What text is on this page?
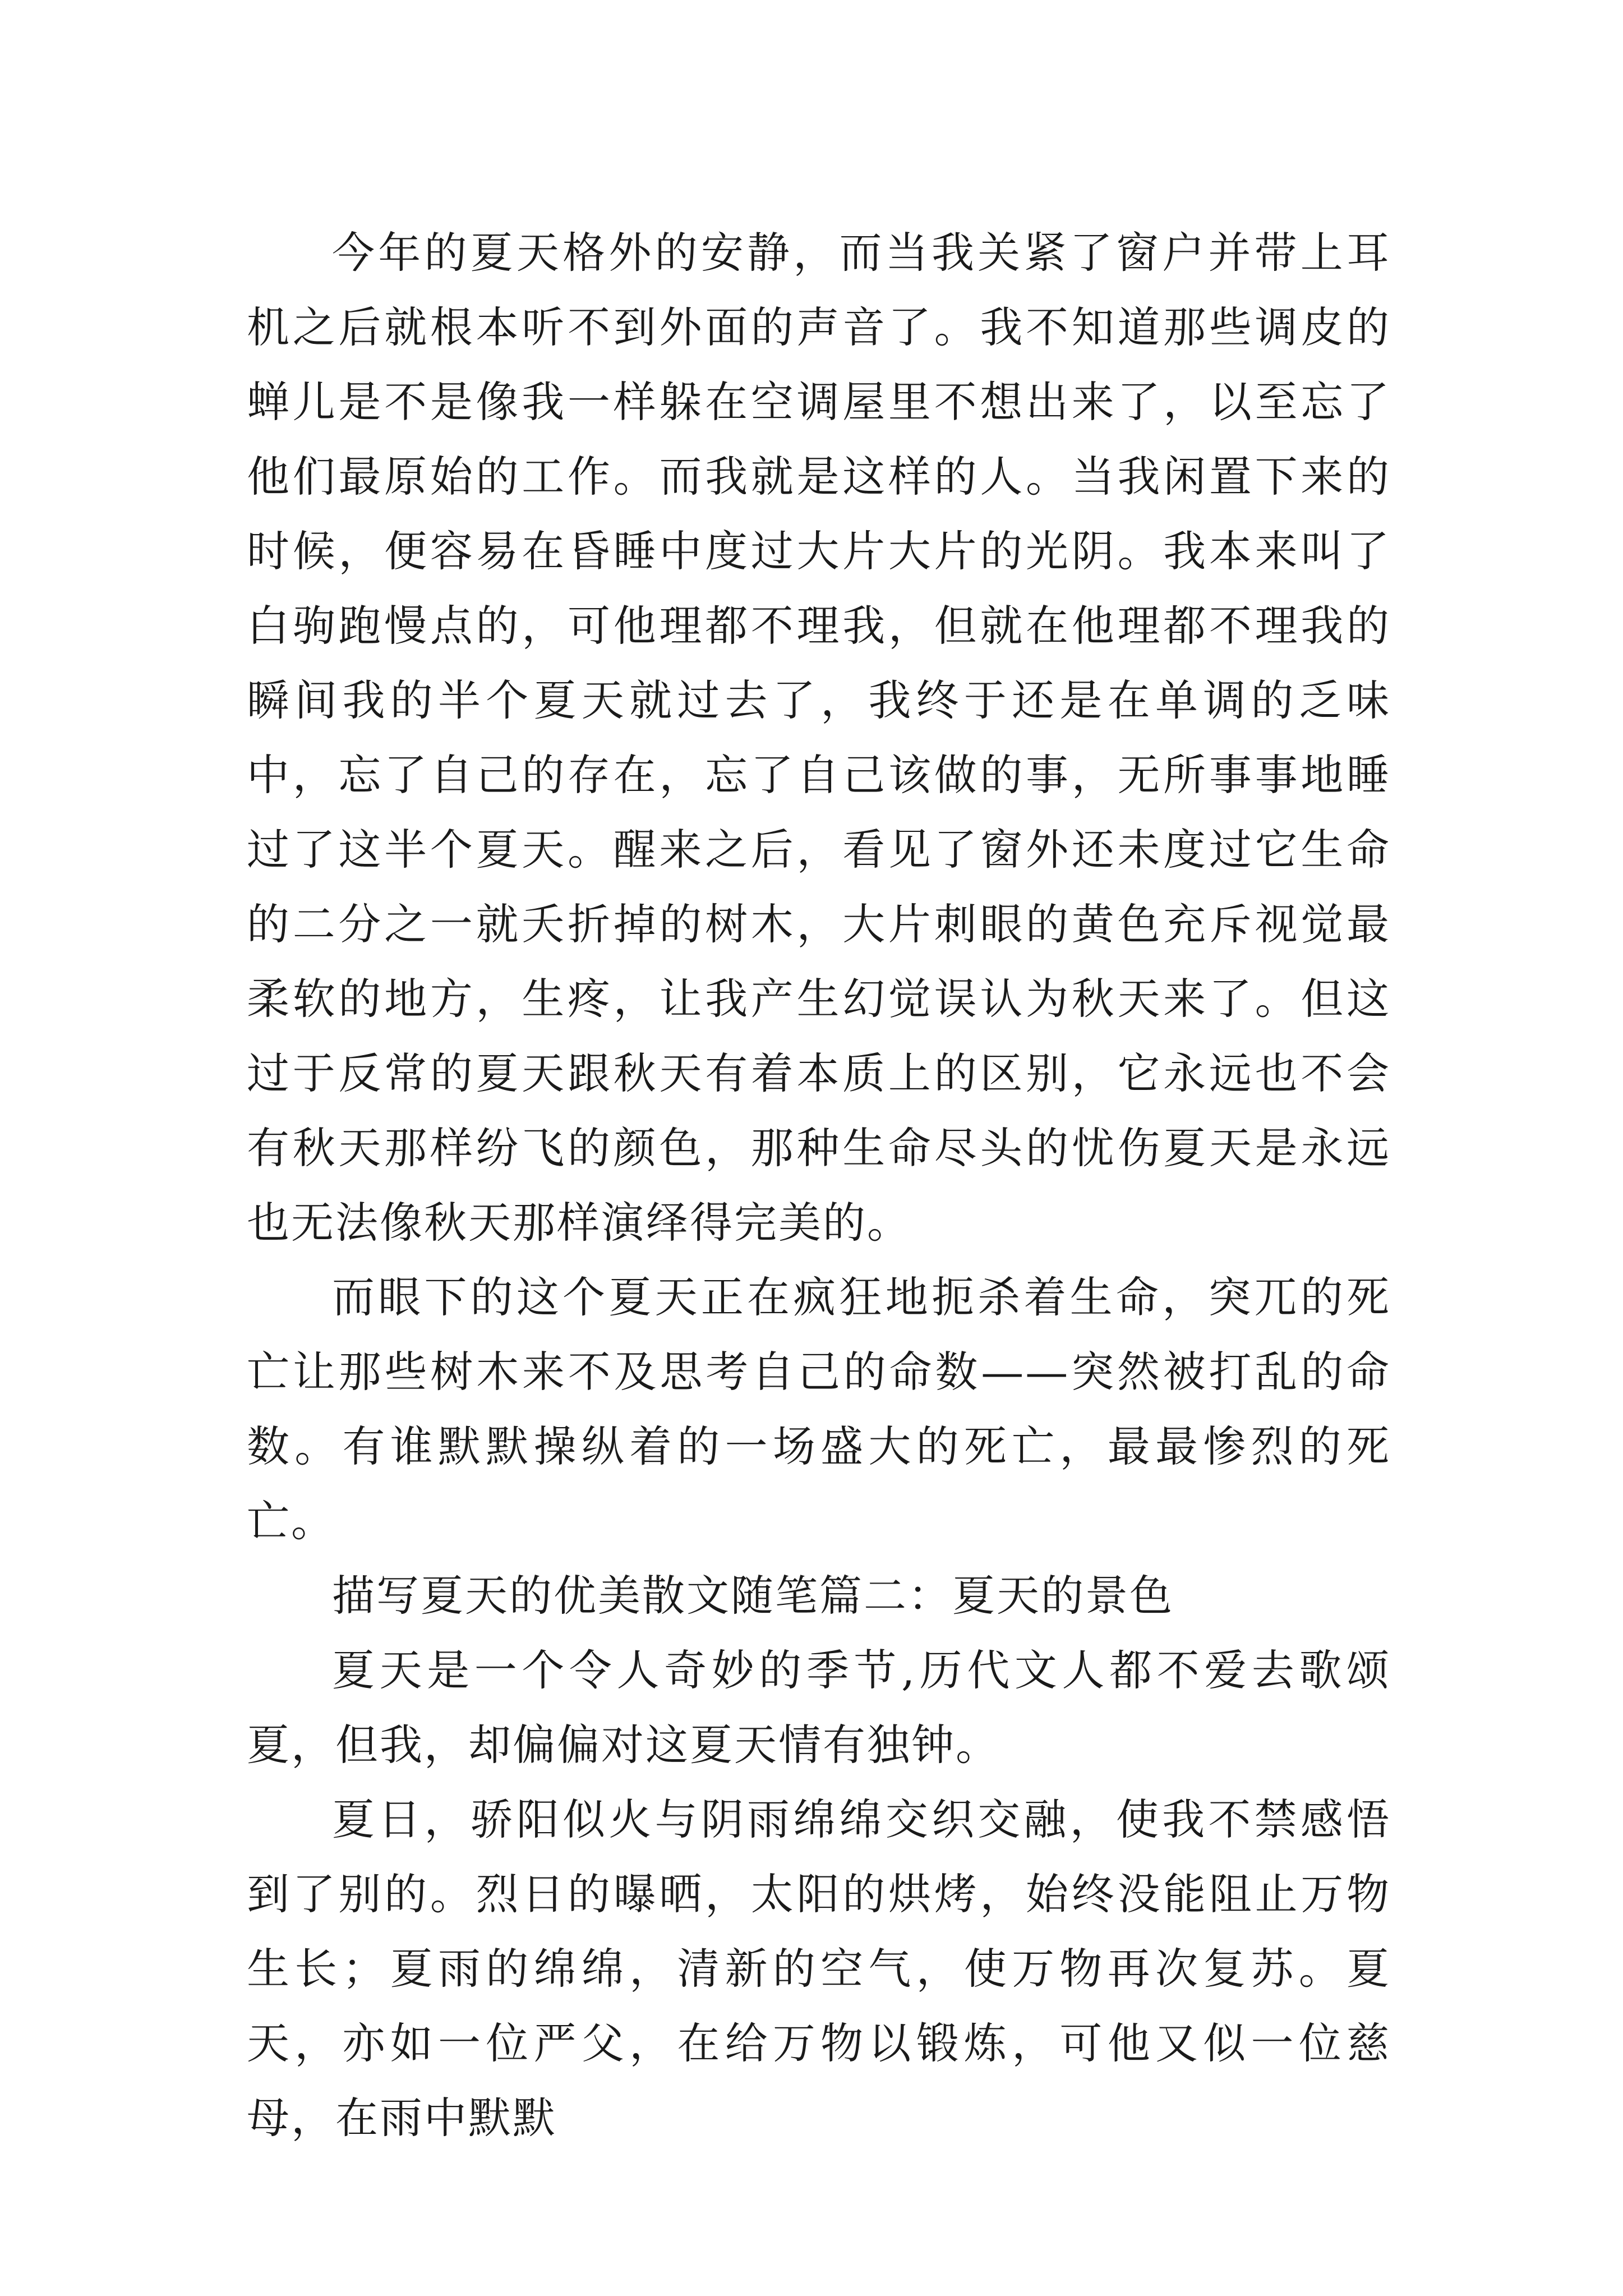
今年的夏天格外的安静，而当我关紧了窗户并带上耳机之后就根本听不到外面的声音了。我不知道那些调皮的蝉儿是不是像我一样躲在空调屋里不想出来了，以至忘了他们最原始的工作。而我就是这样的人。当我闲置下来的时候，便容易在昏睡中度过大片大片的光阴。我本来叫了白驹跑慢点的，可他理都不理我，但就在他理都不理我的瞬间我的半个夏天就过去了，我终于还是在单调的乏味中，忘了自己的存在，忘了自己该做的事，无所事事地睡过了这半个夏天。醒来之后，看见了窗外还未度过它生命的二分之一就夭折掉的树木，大片刺眼的黄色充斥视觉最柔软的地方，生疼，让我产生幻觉误认为秋天来了。但这过于反常的夏天跟秋天有着本质上的区别，它永远也不会有秋天那样纷飞的颜色，那种生命尽头的忧伤夏天是永远也无法像秋天那样演绎得完美的。

而眼下的这个夏天正在疯狂地扼杀着生命，突兀的死亡让那些树木来不及思考自己的命数——突然被打乱的命数。有谁默默操纵着的一场盛大的死亡，最最惨烈的死亡。

描写夏天的优美散文随笔篇二：夏天的景色

夏天是一个令人奇妙的季节,历代文人都不爱去歌颂夏，但我，却偏偏对这夏天情有独钟。

夏日，骄阳似火与阴雨绵绵交织交融，使我不禁感悟到了别的。烈日的曝晒，太阳的烘烤，始终没能阻止万物生长；夏雨的绵绵，清新的空气，使万物再次复苏。夏天，亦如一位严父，在给万物以锻炼，可他又似一位慈母，在雨中默默
